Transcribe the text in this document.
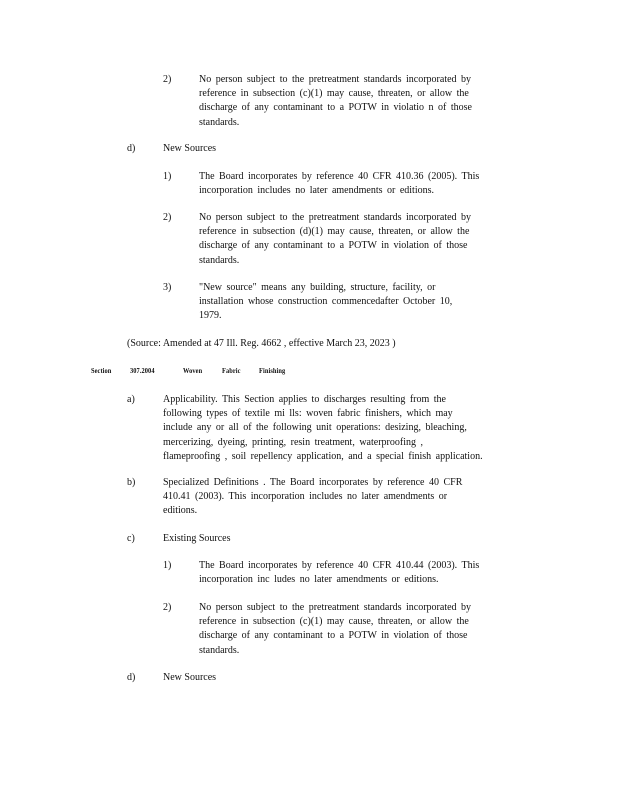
2)	No person subject to the pretreatment standards incorporated by

reference in subsection (c)(1) may cause, threaten, or allow the

discharge of any contaminant to a POTW in violatio n of those

standards.

d)	New Sources
1)	The Board incorporates by reference 40 CFR 410.36 (2005). This

incorporation includes no later amendments or editions.

2)	No person subject to the pretreatment standards incorporated by

reference in subsection (d)(1) may cause, threaten, or allow the

discharge of any contaminant to a POTW in violation of those

standards.

3)	"New source" means any building, structure, facility, or

installation whose construction commencedafter October 10,

1979.

(Source: Amended at 47 Ill. Reg. 4662 , effective March 23, 2023 )
Section 307.2004	Woven	Fabric Finishing
a)	Applicability. This Section applies to discharges resulting from the

following types of textile mi lls: woven fabric finishers, which may

include any or all of the following unit operations: desizing, bleaching,

mercerizing, dyeing, printing, resin treatment, waterproofing ,

flameproofing , soil repellency application, and a special finish application.

b)	Specialized Definitions . The Board incorporates by reference 40 CFR

410.41 (2003). This incorporation includes no later amendments or

editions.

c)	Existing Sources
1)	The Board incorporates by reference 40 CFR 410.44 (2003). This

incorporation inc ludes no later amendments or editions.

2)	No person subject to the pretreatment standards incorporated by

reference in subsection (c)(1) may cause, threaten, or allow the

discharge of any contaminant to a POTW in violation of those

standards.

d)	New Sources
